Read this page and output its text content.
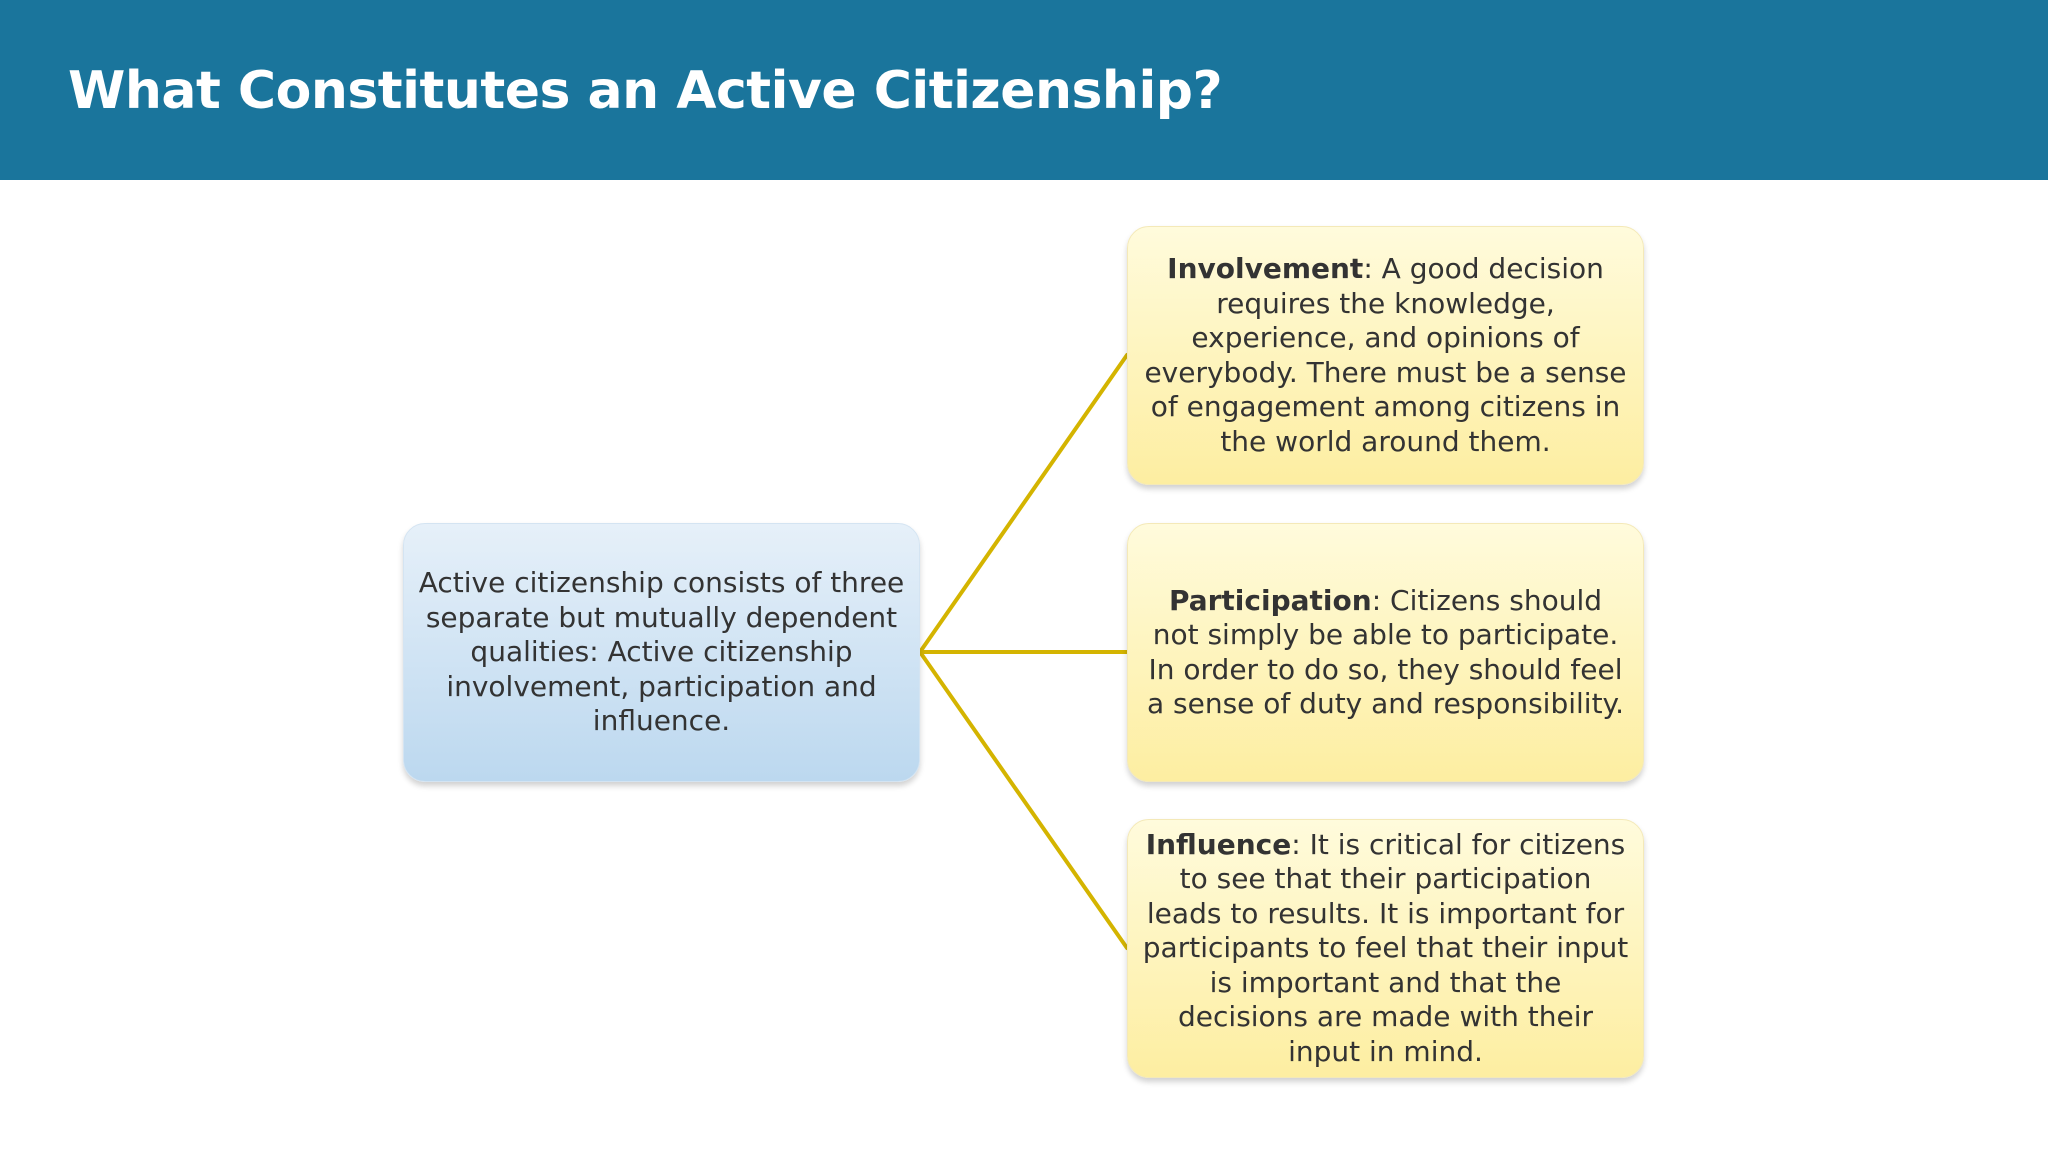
What Constitutes an Active Citizenship?

Active citizenship consists of three separate but mutually dependent qualities: Active citizenship involvement, participation and influence.

Involvement: A good decision requires the knowledge, experience, and opinions of everybody. There must be a sense of engagement among citizens in the world around them.

Participation: Citizens should not simply be able to participate. In order to do so, they should feel a sense of duty and responsibility.

Influence: It is critical for citizens to see that their participation leads to results. It is important for participants to feel that their input is important and that the decisions are made with their input in mind.
